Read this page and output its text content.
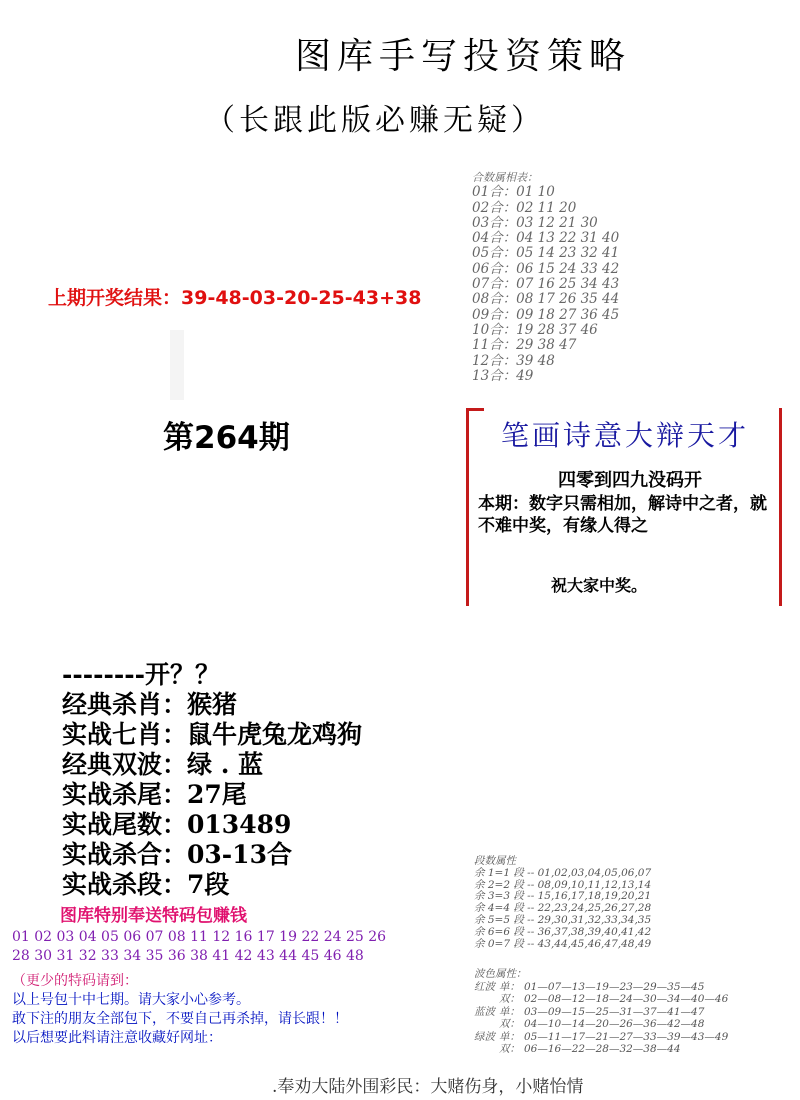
图库手写投资策略
（长跟此版必赚无疑）
上期开奖结果：39-48-03-20-25-43+38
第264期
合数属相表：
01合：01 10
02合：02 11 20
03合：03 12 21 30
04合：04 13 22 31 40
05合：05 14 23 32 41
06合：06 15 24 33 42
07合：07 16 25 34 43
08合：08 17 26 35 44
09合：09 18 27 36 45
10合：19 28 37 46
11合：29 38 47
12合：39 48
13合：49
笔画诗意大辩天才
四零到四九没码开
本期：数字只需相加，解诗中之者，就不难中奖，有缘人得之
祝大家中奖。
--------开？？
经典杀肖：猴猪
实战七肖：鼠牛虎兔龙鸡狗
经典双波：绿 . 蓝
实战杀尾：27尾
实战尾数：013489
实战杀合：03-13合
实战杀段：7段
图库特别奉送特码包赚钱
01 02 03 04 05 06 07 08 11 12 16 17 19 22 24 25 26
28 30 31 32 33 34 35 36 38 41 42 43 44 45 46 48
（更少的特码请到：
以上号包十中七期。请大家小心参考。
敢下注的朋友全部包下，不要自己再杀掉，请长跟！！
以后想要此料请注意收藏好网址：
段数属性
余 1=1 段 -- 01,02,03,04,05,06,07
余 2=2 段 -- 08,09,10,11,12,13,14
余 3=3 段 -- 15,16,17,18,19,20,21
余 4=4 段 -- 22,23,24,25,26,27,28
余 5=5 段 -- 29,30,31,32,33,34,35
余 6=6 段 -- 36,37,38,39,40,41,42
余 0=7 段 -- 43,44,45,46,47,48,49
波色属性：
红波	单：	01—07—13—19—23—29—35—45
	双：	02—08—12—18—24—30—34—40—46
蓝波	单：	03—09—15—25—31—37—41—47
	双：	04—10—14—20—26—36—42—48
绿波	单：	05—11—17—21—27—33—39—43—49
	双：	06—16—22—28—32—38—44
.奉劝大陆外围彩民：大赌伤身，小赌怡情
